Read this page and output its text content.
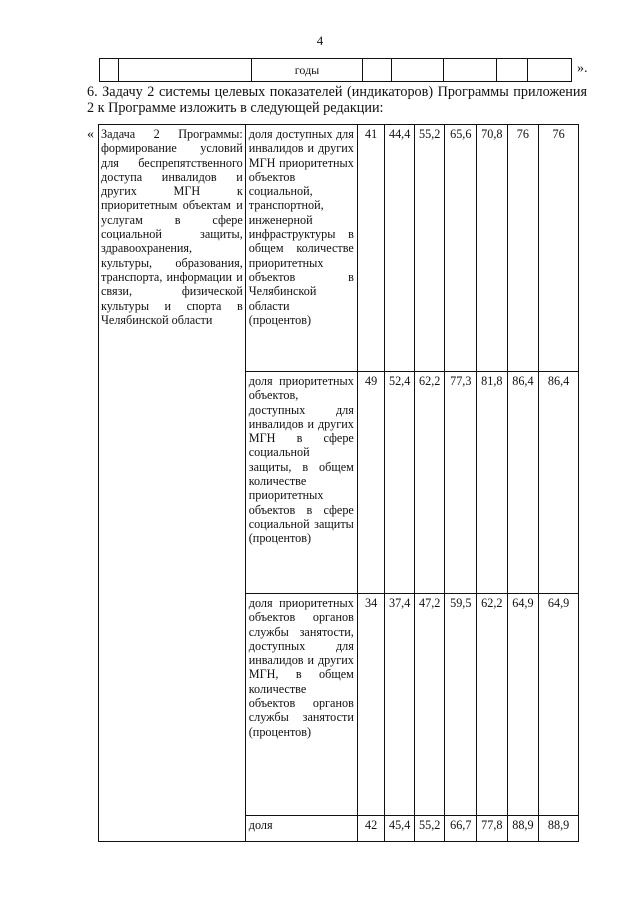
4
		годы						».
6. Задачу 2 системы целевых показателей (индикаторов) Программы приложения 2 к Программе изложить в следующей редакции:
« Задача 2 Программы: формирование условий для беспрепятственного доступа инвалидов и других МГН к приоритетным объектам и услугам в сфере социальной защиты, здравоохранения, культуры, образования, транспорта, информации и связи, физической культуры и спорта в Челябинской области	доля доступных для инвалидов и других МГН приоритетных объектов социальной, транспортной, инженерной инфраструктуры в общем количестве приоритетных объектов в Челябинской области (процентов)	41	44,4	55,2	65,6	70,8	76	76
	доля приоритетных объектов, доступных для инвалидов и других МГН в сфере социальной защиты, в общем количестве приоритетных объектов в сфере социальной защиты (процентов)	49	52,4	62,2	77,3	81,8	86,4	86,4
	доля приоритетных объектов органов службы занятости, доступных для инвалидов и других МГН, в общем количестве объектов органов службы занятости (процентов)	34	37,4	47,2	59,5	62,2	64,9	64,9
	доля	42	45,4	55,2	66,7	77,8	88,9	88,9
